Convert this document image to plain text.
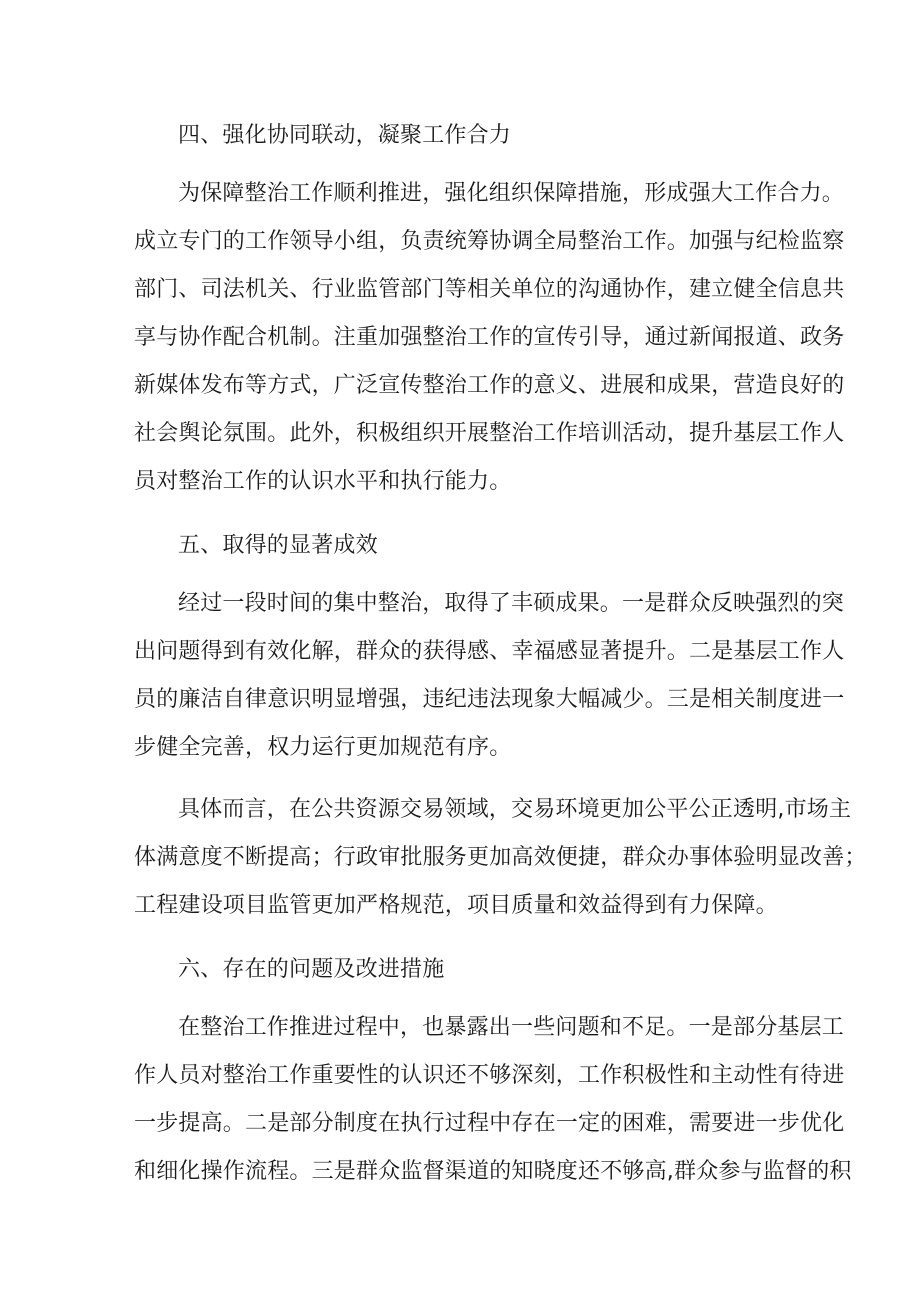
四、强化协同联动，凝聚工作合力
为保障整治工作顺利推进，强化组织保障措施，形成强大工作合力。
成立专门的工作领导小组，负责统筹协调全局整治工作。加强与纪检监察
部门、司法机关、行业监管部门等相关单位的沟通协作，建立健全信息共
享与协作配合机制。注重加强整治工作的宣传引导，通过新闻报道、政务
新媒体发布等方式，广泛宣传整治工作的意义、进展和成果，营造良好的
社会舆论氛围。此外，积极组织开展整治工作培训活动，提升基层工作人
员对整治工作的认识水平和执行能力。
五、取得的显著成效
经过一段时间的集中整治，取得了丰硕成果。一是群众反映强烈的突
出问题得到有效化解，群众的获得感、幸福感显著提升。二是基层工作人
员的廉洁自律意识明显增强，违纪违法现象大幅减少。三是相关制度进一
步健全完善，权力运行更加规范有序。
具体而言，在公共资源交易领域，交易环境更加公平公正透明,市场主
体满意度不断提高；行政审批服务更加高效便捷，群众办事体验明显改善；
工程建设项目监管更加严格规范，项目质量和效益得到有力保障。
六、存在的问题及改进措施
在整治工作推进过程中，也暴露出一些问题和不足。一是部分基层工
作人员对整治工作重要性的认识还不够深刻，工作积极性和主动性有待进
一步提高。二是部分制度在执行过程中存在一定的困难，需要进一步优化
和细化操作流程。三是群众监督渠道的知晓度还不够高,群众参与监督的积
